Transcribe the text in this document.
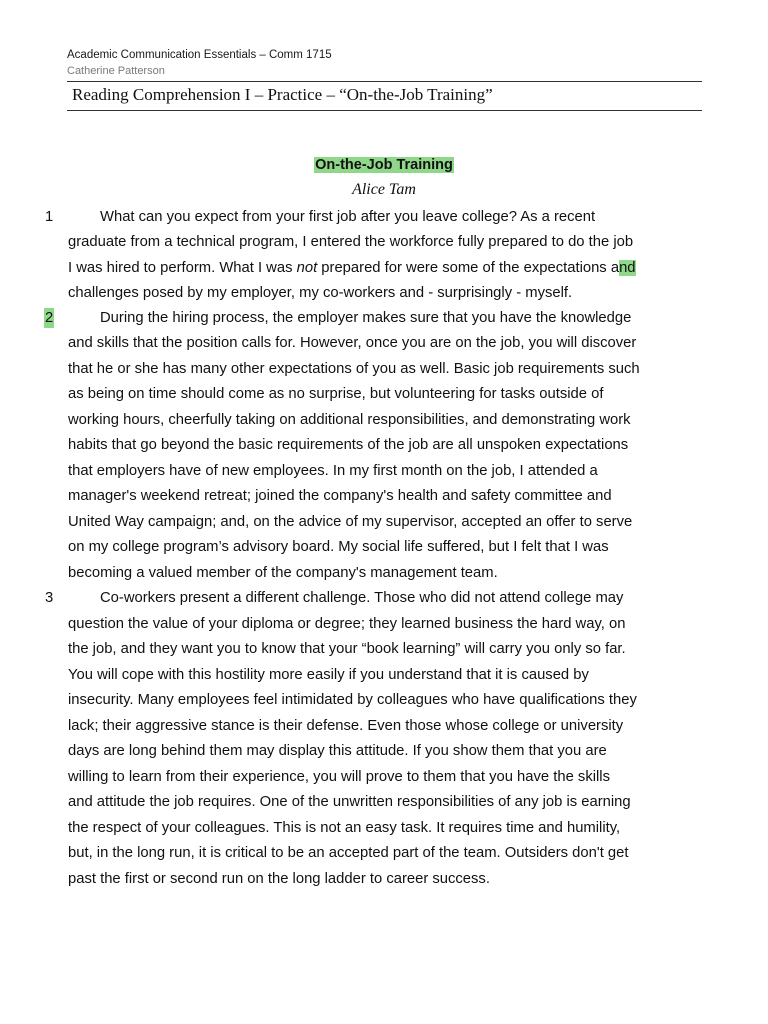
Academic Communication Essentials – Comm 1715
Catherine Patterson
Reading Comprehension I – Practice – “On-the-Job Training”
On-the-Job Training
Alice Tam
1	What can you expect from your first job after you leave college? As a recent
graduate from a technical program, I entered the workforce fully prepared to do the job
I was hired to perform. What I was not prepared for were some of the expectations and
challenges posed by my employer, my co-workers and - surprisingly - myself.
2	During the hiring process, the employer makes sure that you have the knowledge
and skills that the position calls for. However, once you are on the job, you will discover
that he or she has many other expectations of you as well. Basic job requirements such
as being on time should come as no surprise, but volunteering for tasks outside of
working hours, cheerfully taking on additional responsibilities, and demonstrating work
habits that go beyond the basic requirements of the job are all unspoken expectations
that employers have of new employees. In my first month on the job, I attended a
manager's weekend retreat; joined the company's health and safety committee and
United Way campaign; and, on the advice of my supervisor, accepted an offer to serve
on my college program’s advisory board. My social life suffered, but I felt that I was
becoming a valued member of the company's management team.
3	Co-workers present a different challenge. Those who did not attend college may
question the value of your diploma or degree; they learned business the hard way, on
the job, and they want you to know that your “book learning” will carry you only so far.
You will cope with this hostility more easily if you understand that it is caused by
insecurity. Many employees feel intimidated by colleagues who have qualifications they
lack; their aggressive stance is their defense. Even those whose college or university
days are long behind them may display this attitude. If you show them that you are
willing to learn from their experience, you will prove to them that you have the skills
and attitude the job requires. One of the unwritten responsibilities of any job is earning
the respect of your colleagues. This is not an easy task. It requires time and humility,
but, in the long run, it is critical to be an accepted part of the team. Outsiders don't get
past the first or second run on the long ladder to career success.
